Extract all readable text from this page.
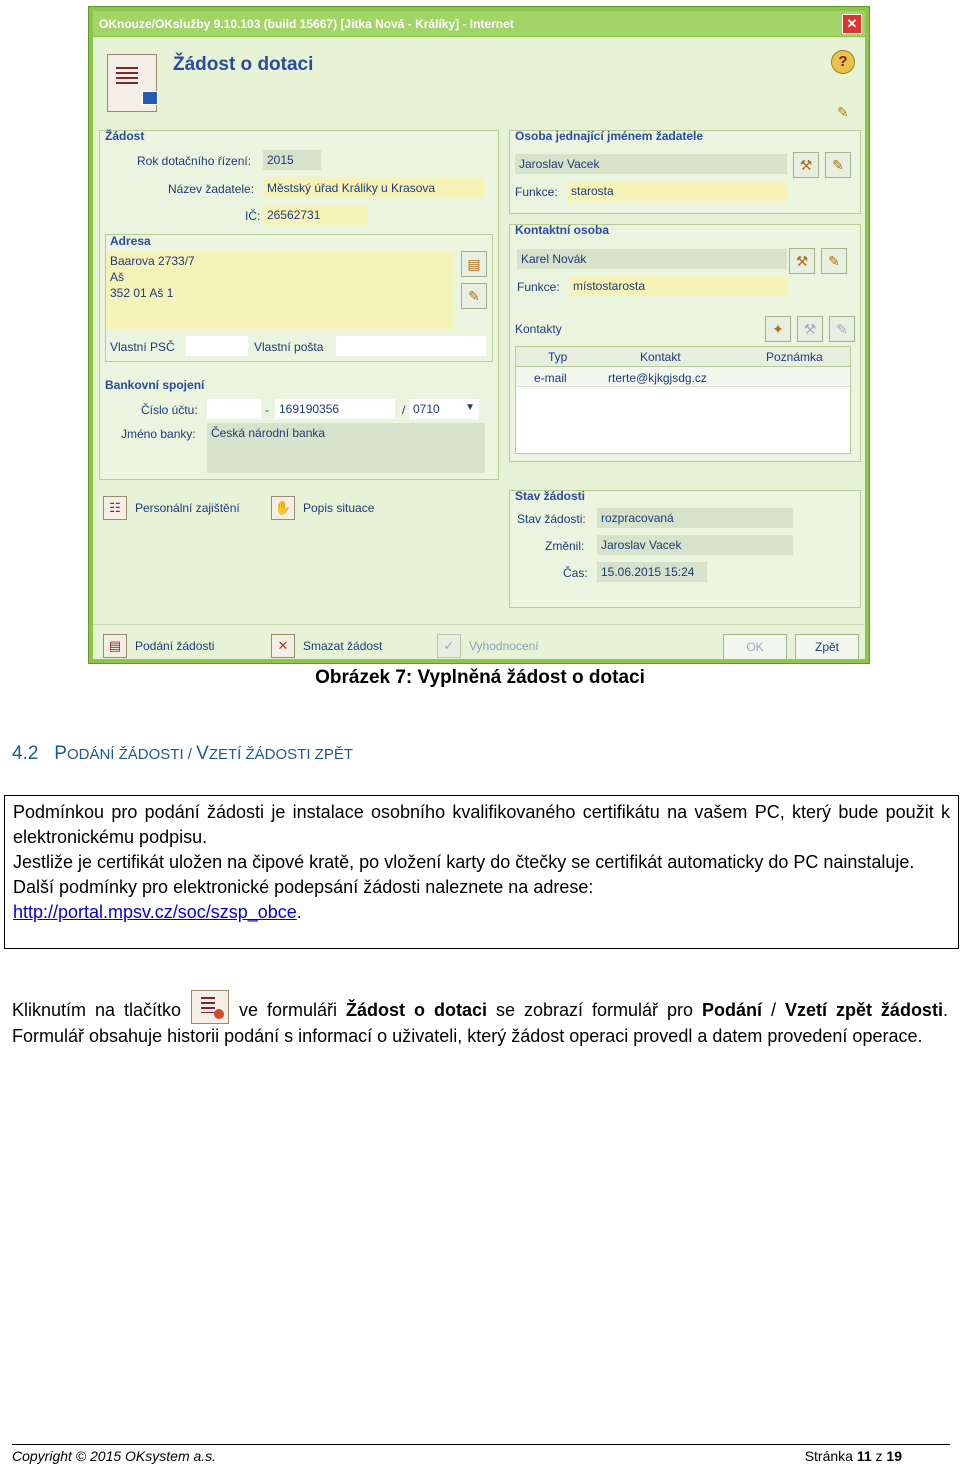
OKnouze/OKslužby 9.10.103 (build 15667) [Jitka Nová - Králíky] - Internet	✕
Žádost o dotaci	?
✎
Žádost
Rok dotačního řízení:	2015
Název žadatele:	Městský úřad Králiky u Krasova
IČ: 26562731
Adresa
Baarova 2733/7
Aš
352 01 Aš 1
▤
✎
Vlastní PSČ	Vlastní pošta
Bankovní spojení
Číslo účtu:	- 169190356	/ 0710	▼
Jméno banky:	Česká národní banka
Osoba jednající jménem žadatele
Jaroslav Vacek
Funkce:	starosta
⚒	✎
Kontaktní osoba
Karel Novák
Funkce:	místostarosta
⚒	✎
Kontakty	✦	⚒	✎
Typ	Kontakt	Poznámka
e-mail	rterte@kjkgjsdg.cz
☷	Personální zajištění	✋ Popis situace
Stav žádosti
Stav žádosti:	rozpracovaná
Změnil:	Jaroslav Vacek
Čas:	15.06.2015 15:24
▤	Podání žádosti	✕	Smazat žádost	✓	Vyhodnocení	OK	Zpět
Obrázek 7: Vyplněná žádost o dotaci
4.2 PODÁNÍ ŽÁDOSTI / VZETÍ ŽÁDOSTI ZPĚT

Podmínkou pro podání žádosti je instalace osobního kvalifikovaného certifikátu na vašem PC, který bude použit k elektronickému podpisu.

Jestliže je certifikát uložen na čipové kratě, po vložení karty do čtečky se certifikát automaticky do PC nainstaluje.

Další podmínky pro elektronické podepsání žádosti naleznete na adrese:

http://portal.mpsv.cz/soc/szsp_obce.

Kliknutím na tlačítko	ve formuláři Žádost o dotaci se zobrazí formulář pro Podání / Vzetí zpět žádosti. Formulář obsahuje historii podání s informací o uživateli, který žádost operaci provedl a datem provedení operace.
Copyright © 2015 OKsystem a.s.	Stránka 11 z 19
